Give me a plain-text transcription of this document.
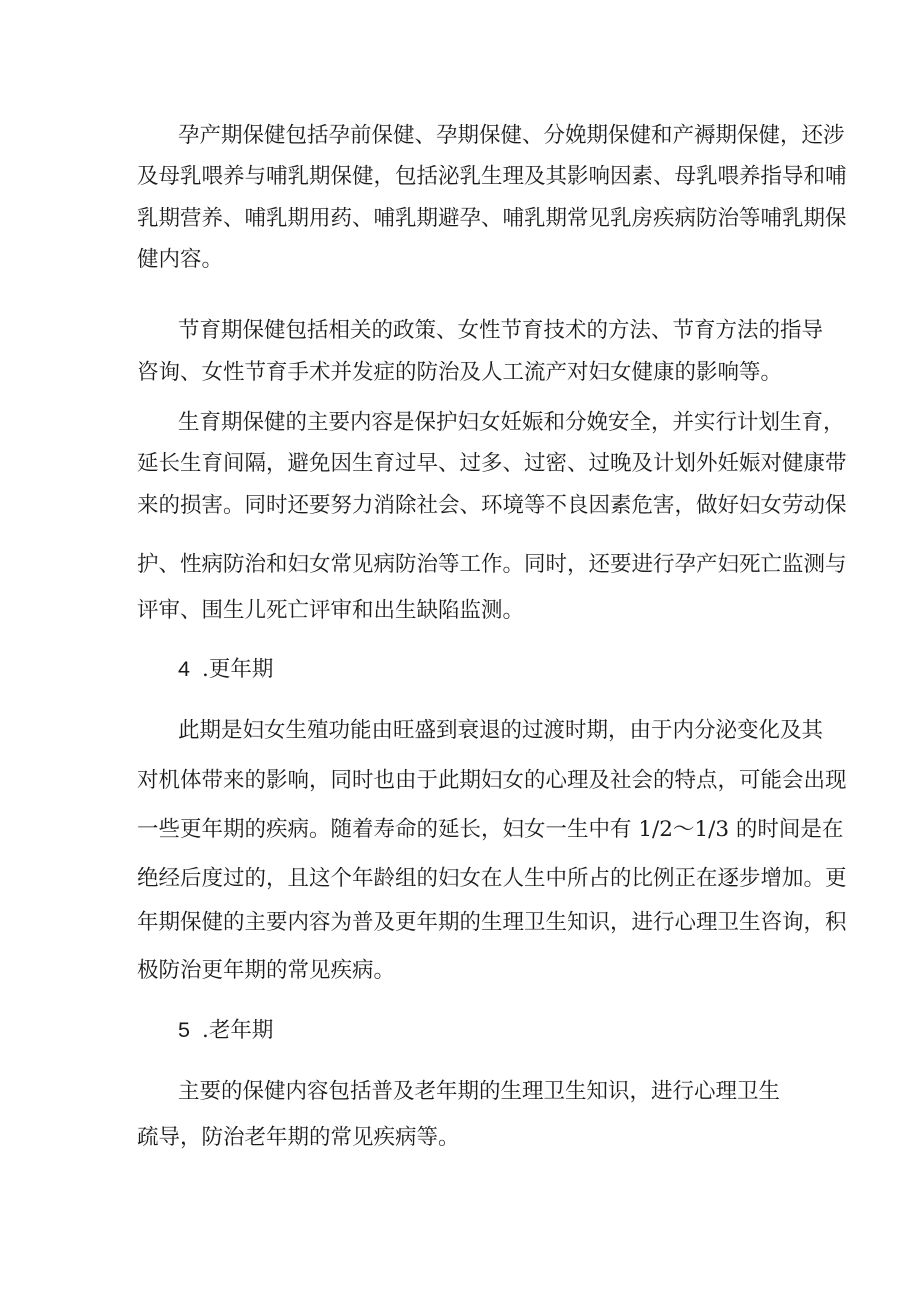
孕产期保健包括孕前保健、孕期保健、分娩期保健和产褥期保健，还涉
及母乳喂养与哺乳期保健，包括泌乳生理及其影响因素、母乳喂养指导和哺
乳期营养、哺乳期用药、哺乳期避孕、哺乳期常见乳房疾病防治等哺乳期保
健内容。
节育期保健包括相关的政策、女性节育技术的方法、节育方法的指导
咨询、女性节育手术并发症的防治及人工流产对妇女健康的影响等。
生育期保健的主要内容是保护妇女妊娠和分娩安全，并实行计划生育，
延长生育间隔，避免因生育过早、过多、过密、过晚及计划外妊娠对健康带
来的损害。同时还要努力消除社会、环境等不良因素危害，做好妇女劳动保
护、性病防治和妇女常见病防治等工作。同时，还要进行孕产妇死亡监测与
评审、围生儿死亡评审和出生缺陷监测。
4 .更年期
此期是妇女生殖功能由旺盛到衰退的过渡时期，由于内分泌变化及其
对机体带来的影响，同时也由于此期妇女的心理及社会的特点，可能会出现
一些更年期的疾病。随着寿命的延长，妇女一生中有 1/2～1/3 的时间是在
绝经后度过的，且这个年龄组的妇女在人生中所占的比例正在逐步增加。更
年期保健的主要内容为普及更年期的生理卫生知识，进行心理卫生咨询，积
极防治更年期的常见疾病。
5 .老年期
主要的保健内容包括普及老年期的生理卫生知识，进行心理卫生
疏导，防治老年期的常见疾病等。
